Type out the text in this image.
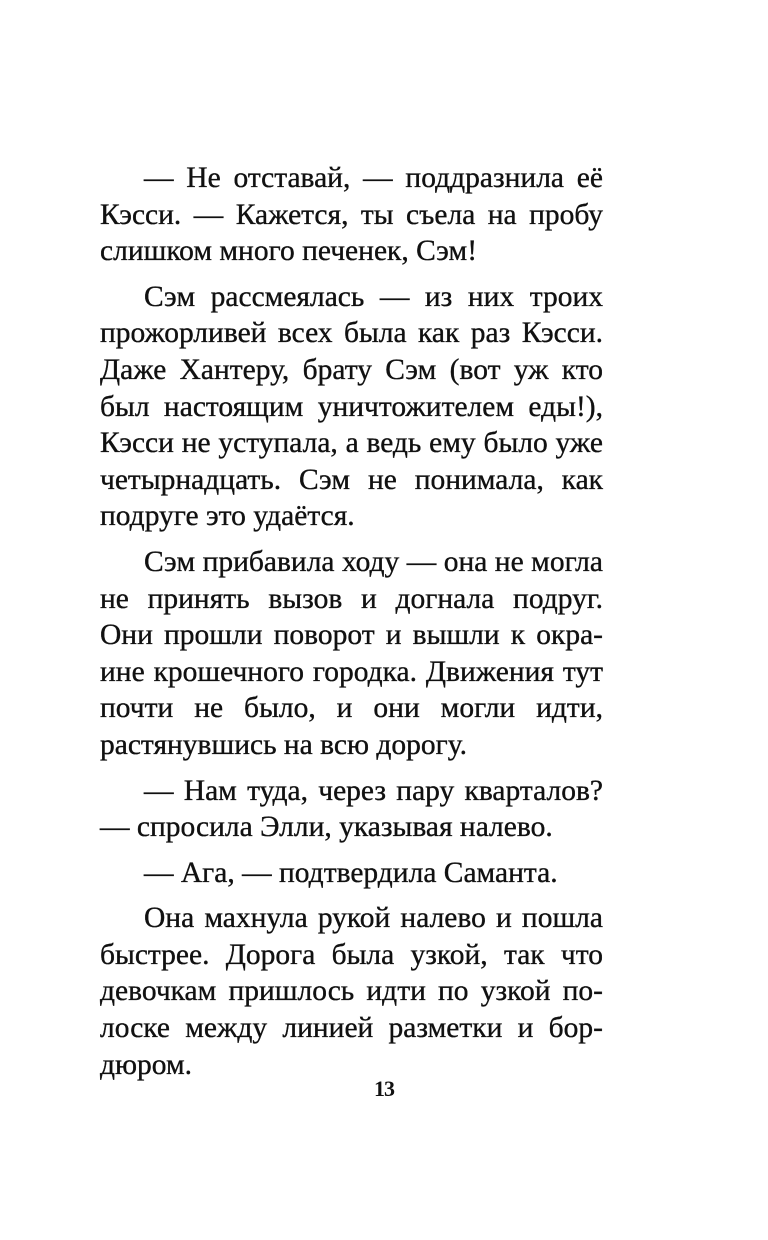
— Не отставай, — поддразнила её Кэсси. — Кажется, ты съела на пробу слишком много печенек, Сэм!

Сэм рассмеялась — из них троих прожорливей всех была как раз Кэсси. Даже Хантеру, брату Сэм (вот уж кто был настоящим уничтожителем еды!), Кэсси не уступала, а ведь ему было уже четырнадцать. Сэм не понимала, как подруге это удаётся.

Сэм прибавила ходу — она не могла не принять вызов и догнала подруг. Они прошли поворот и вышли к окраине крошечного городка. Движения тут почти не было, и они могли идти, растянувшись на всю дорогу.

— Нам туда, через пару кварталов? — спросила Элли, указывая налево.

— Ага, — подтвердила Саманта.

Она махнула рукой налево и пошла быстрее. Дорога была узкой, так что девочкам пришлось идти по узкой полоске между линией разметки и бордюром.

13
